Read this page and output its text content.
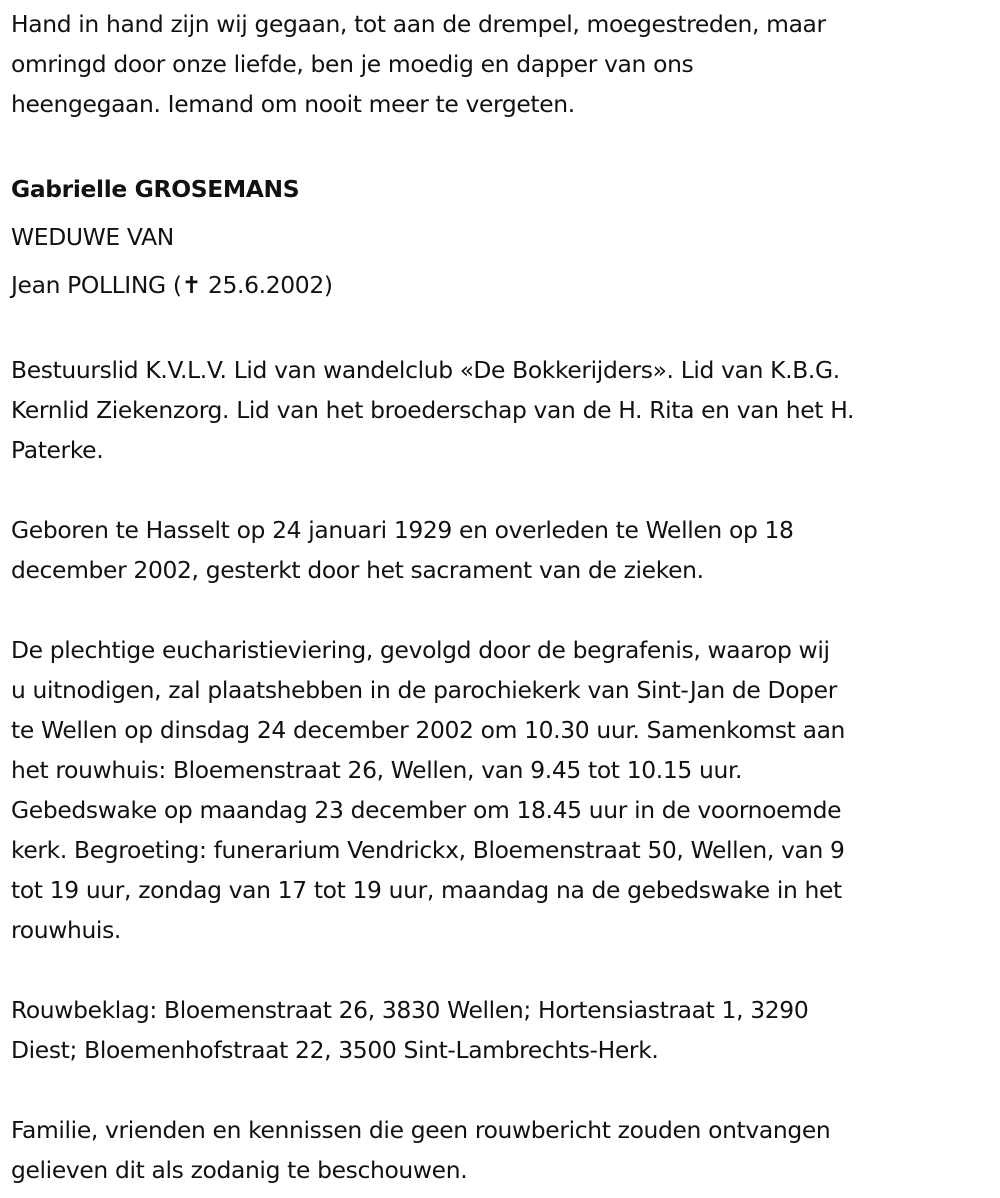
Hand in hand zijn wij gegaan, tot aan de drempel, moegestreden, maar
omringd door onze liefde, ben je moedig en dapper van ons
heengegaan. Iemand om nooit meer te vergeten.

Gabrielle GROSEMANS

WEDUWE VAN

Jean POLLING (✝ 25.6.2002)

Bestuurslid K.V.L.V. Lid van wandelclub «De Bokkerijders». Lid van K.B.G.
Kernlid Ziekenzorg. Lid van het broederschap van de H. Rita en van het H.
Paterke.

Geboren te Hasselt op 24 januari 1929 en overleden te Wellen op 18
december 2002, gesterkt door het sacrament van de zieken.

De plechtige eucharistieviering, gevolgd door de begrafenis, waarop wij
u uitnodigen, zal plaatshebben in de parochiekerk van Sint-Jan de Doper
te Wellen op dinsdag 24 december 2002 om 10.30 uur. Samenkomst aan
het rouwhuis: Bloemenstraat 26, Wellen, van 9.45 tot 10.15 uur.
Gebedswake op maandag 23 december om 18.45 uur in de voornoemde
kerk. Begroeting: funerarium Vendrickx, Bloemenstraat 50, Wellen, van 9
tot 19 uur, zondag van 17 tot 19 uur, maandag na de gebedswake in het
rouwhuis.

Rouwbeklag: Bloemenstraat 26, 3830 Wellen; Hortensiastraat 1, 3290
Diest; Bloemenhofstraat 22, 3500 Sint-Lambrechts-Herk.

Familie, vrienden en kennissen die geen rouwbericht zouden ontvangen
gelieven dit als zodanig te beschouwen.
